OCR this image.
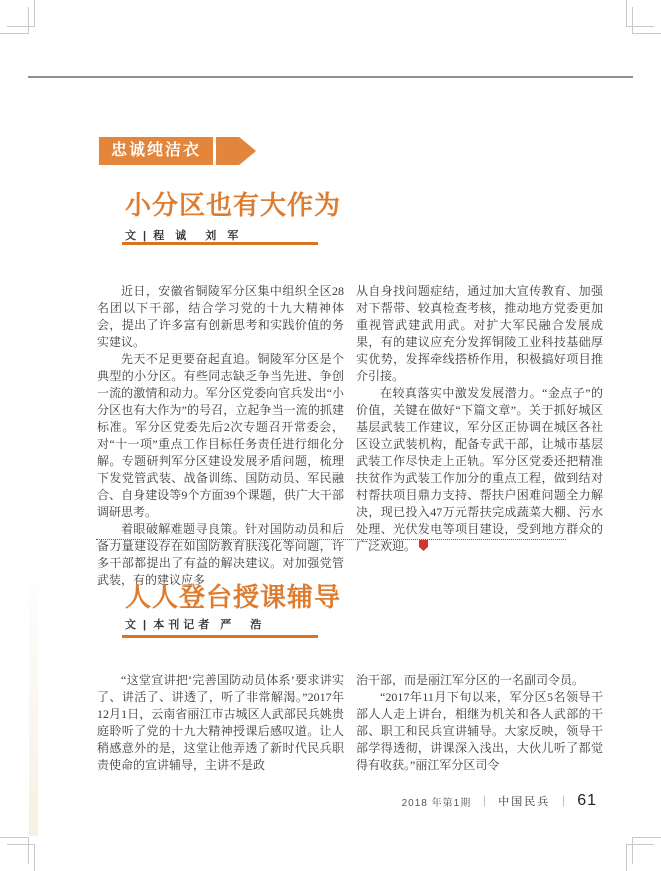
忠诚纯洁衣
小分区也有大作为
文 | 程 诚　刘 军

近日，安徽省铜陵军分区集中组织全区28名团以下干部，结合学习党的十九大精神体会，提出了许多富有创新思考和实践价值的务实建议。

先天不足更要奋起直追。铜陵军分区是个典型的小分区。有些同志缺乏争当先进、争创一流的激情和动力。军分区党委向官兵发出“小分区也有大作为”的号召，立起争当一流的抓建标准。军分区党委先后2次专题召开常委会，对“十一项”重点工作目标任务责任进行细化分解。专题研判军分区建设发展矛盾问题，梳理下发党管武装、战备训练、国防动员、军民融合、自身建设等9个方面39个课题，供广大干部调研思考。

着眼破解难题寻良策。针对国防动员和后备力量建设存在如国防教育肤浅化等问题，许多干部都提出了有益的解决建议。对加强党管武装，有的建议应多

从自身找问题症结，通过加大宣传教育、加强对下帮带、较真检查考核，推动地方党委更加重视管武建武用武。对扩大军民融合发展成果，有的建议应充分发挥铜陵工业科技基础厚实优势，发挥牵线搭桥作用，积极搞好项目推介引接。

在较真落实中激发发展潜力。“金点子”的价值，关键在做好“下篇文章”。关于抓好城区基层武装工作建议，军分区正协调在城区各社区设立武装机构，配备专武干部，让城市基层武装工作尽快走上正轨。军分区党委还把精准扶贫作为武装工作加分的重点工程，做到结对村帮扶项目鼎力支持、帮扶户困难问题全力解决，现已投入47万元帮扶完成蔬菜大棚、污水处理、光伏发电等项目建设，受到地方群众的广泛欢迎。

人人登台授课辅导
文 | 本刊记者 严　浩

“这堂宣讲把‘完善国防动员体系’要求讲实了、讲活了、讲透了，听了非常解渴。”2017年12月1日，云南省丽江市古城区人武部民兵姚贵庭聆听了党的十九大精神授课后感叹道。让人稍感意外的是，这堂让他弄透了新时代民兵职责使命的宣讲辅导，主讲不是政

治干部，而是丽江军分区的一名副司令员。

“2017年11月下旬以来，军分区5名领导干部人人走上讲台，相继为机关和各人武部的干部、职工和民兵宣讲辅导。大家反映，领导干部学得透彻，讲课深入浅出，大伙儿听了都觉得有收获。”丽江军分区司令

2018 年第1期 ｜ 中国民兵 ｜ 61
